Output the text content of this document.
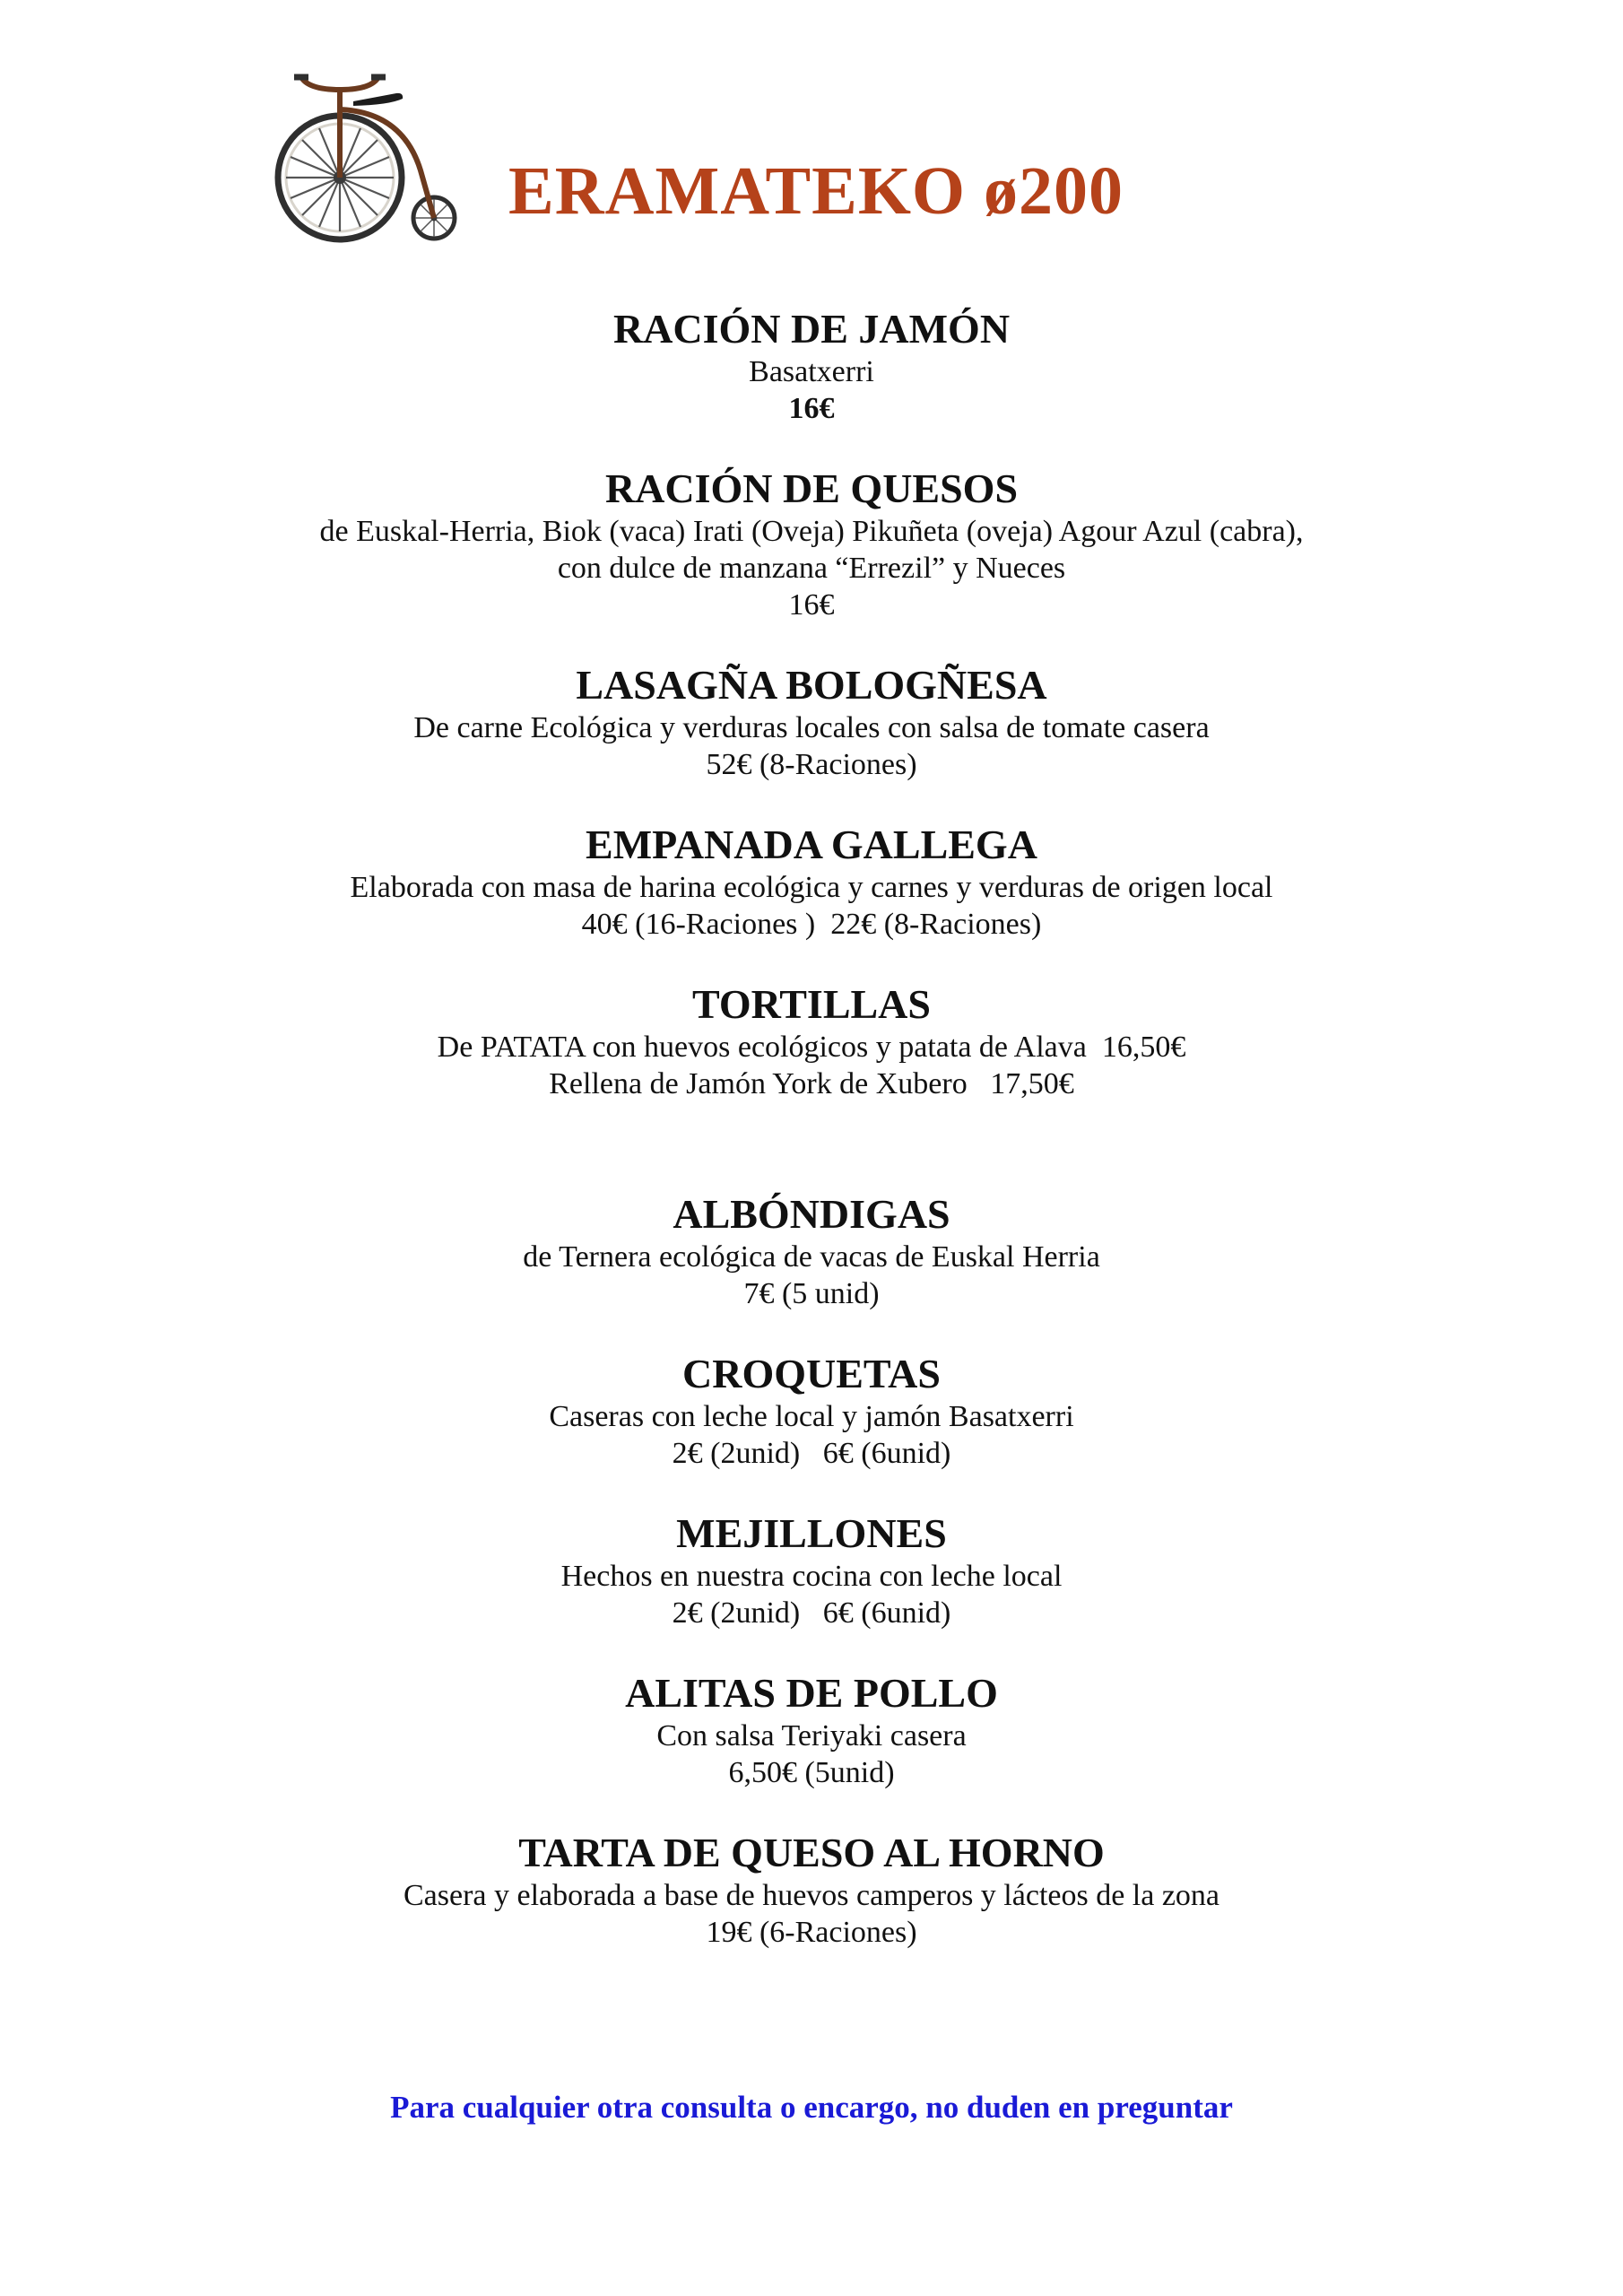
ERAMATEKO ø200

RACIÓN DE JAMÓN

Basatxerri

16€

RACIÓN DE QUESOS

de Euskal-Herria, Biok (vaca) Irati (Oveja) Pikuñeta (oveja) Agour Azul (cabra),

con dulce de manzana “Errezil” y Nueces

16€

LASAGÑA BOLOGÑESA

De carne Ecológica y verduras locales con salsa de tomate casera

52€ (8-Raciones)

EMPANADA GALLEGA

Elaborada con masa de harina ecológica y carnes y verduras de origen local

40€ (16-Raciones )  22€ (8-Raciones)

TORTILLAS

De PATATA con huevos ecológicos y patata de Alava  16,50€

Rellena de Jamón York de Xubero   17,50€

ALBÓNDIGAS

de Ternera ecológica de vacas de Euskal Herria

7€ (5 unid)

CROQUETAS

Caseras con leche local y jamón Basatxerri

2€ (2unid)   6€ (6unid)

MEJILLONES

Hechos en nuestra cocina con leche local

2€ (2unid)   6€ (6unid)

ALITAS DE POLLO

Con salsa Teriyaki casera

6,50€ (5unid)

TARTA DE QUESO AL HORNO

Casera y elaborada a base de huevos camperos y lácteos de la zona

19€ (6-Raciones)

Para cualquier otra consulta o encargo, no duden en preguntar
